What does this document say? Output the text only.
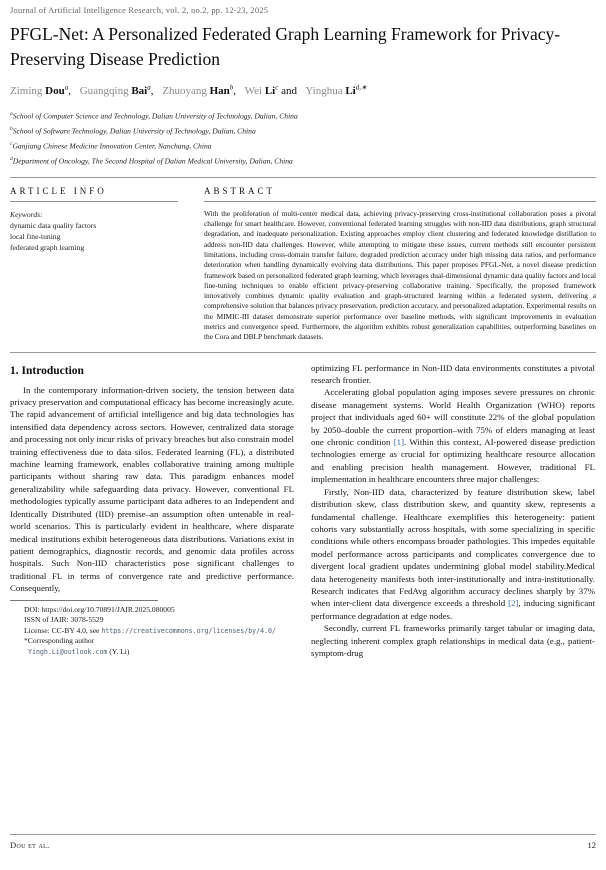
Journal of Artificial Intelligence Research, vol. 2, no.2, pp. 12-23, 2025
PFGL-Net: A Personalized Federated Graph Learning Framework for Privacy-Preserving Disease Prediction
Ziming Dou$^a$, Guangqing Bai$^a$, Zhuoyang Han$^b$, Wei Li$^c$ and Yinghua $Li^{d,∗}$
$^a$School of Computer Science and Technology, Dalian University of Technology, Dalian, China
$^b$School of Software Technology, Dalian University of Technology, Dalian, China
$^c$Ganjiang Chinese Medicine Innovation Center, Nanchang, China
$^d$Department of Oncology, The Second Hospital of Dalian Medical University, Dalian, China
ARTICLE INFO
Keywords:
dynamic data quality factors
local fine-tuning
federated graph learning
ABSTRACT
With the proliferation of multi-center medical data, achieving privacy-preserving cross-institutional collaboration poses a pivotal challenge for smart healthcare. However, conventional federated learning struggles with non-IID data distributions, graph structural degradation, and inadequate personalization. Existing approaches employ client clustering and federated knowledge distillation to address non-IID data challenges. However, while attempting to mitigate these issues, current methods still encounter persistent limitations, including cross-domain transfer failure, degraded prediction accuracy under high missing data ratios, and performance deterioration when handling dynamically evolving data distributions. This paper proposes PFGL-Net, a novel disease prediction framework based on personalized federated graph learning, which leverages dual-dimensional dynamic data quality factors and local fine-tuning techniques to enable efficient privacy-preserving collaborative training. Specifically, the proposed framework innovatively combines dynamic quality evaluation and graph-structured learning within a federated system, delivering a comprehensive solution that balances privacy preservation, prediction accuracy, and personalized adaptation. Experimental results on the MIMIC-III dataset demonstrate superior performance over baseline methods, with significant improvements in evaluation metrics and convergence speed. Furthermore, the algorithm exhibits robust generalization capabilities, outperforming baselines on the Cora and DBLP benchmark datasets.
1. Introduction

In the contemporary information-driven society, the tension between data privacy preservation and computational efficacy has become increasingly acute. The rapid advancement of artificial intelligence and big data technologies has intensified data dependency across sectors. However, centralized data storage and processing not only incur risks of privacy breaches but also constrain model training effectiveness due to data silos. Federated learning (FL), a distributed machine learning framework, enables collaborative training among multiple participants without sharing raw data. This paradigm enhances model generalizability while safeguarding data privacy. However, conventional FL methodologies typically assume participant data adheres to an Independent and Identically Distributed (IID) premise–an assumption often untenable in real-world scenarios. This is particularly evident in healthcare, where disparate medical institutions exhibit heterogeneous data distributions. Variations exist in patient demographics, diagnostic records, and genomic data profiles across hospitals. Such Non-IID characteristics pose significant challenges to traditional FL in terms of convergence rate and predictive performance. Consequently,

DOI: https://doi.org/10.70891/JAIR.2025.080005
ISSN of JAIR: 3078-5529
License: CC-BY 4.0, see https://creativecommons.org/licenses/by/4.0/
*Corresponding author
Yingh.Li@outlook.com (Y. Li)

optimizing FL performance in Non-IID data environments constitutes a pivotal research frontier.

Accelerating global population aging imposes severe pressures on chronic disease management systems. World Health Organization (WHO) reports project that individuals aged 60+ will constitute 22% of the global population by 2050–double the current proportion–with 75% of elders managing at least one chronic condition [1]. Within this context, AI-powered disease prediction technologies emerge as crucial for optimizing healthcare resource allocation and enabling precision health management. However, traditional FL implementation in healthcare encounters three major challenges:

Firstly, Non-IID data, characterized by feature distribution skew, label distribution skew, class distribution skew, and quantity skew, represents a fundamental challenge. Healthcare exemplifies this heterogeneity: patient cohorts vary substantially across hospitals, with some specializing in specific conditions while others encompass broader pathologies. This impedes equitable model performance across participants and complicates convergence due to divergent local gradient updates undermining global model stability.Medical data heterogeneity manifests both inter-institutionally and intra-institutionally. Research indicates that FedAvg algorithm accuracy declines sharply by 37% when inter-client data divergence exceeds a threshold [2], inducing significant performance degradation at edge nodes.

Secondly, current FL frameworks primarily target tabular or imaging data, neglecting inherent complex graph relationships in medical data (e.g., patient-symptom-drug

Dou et al.	12
